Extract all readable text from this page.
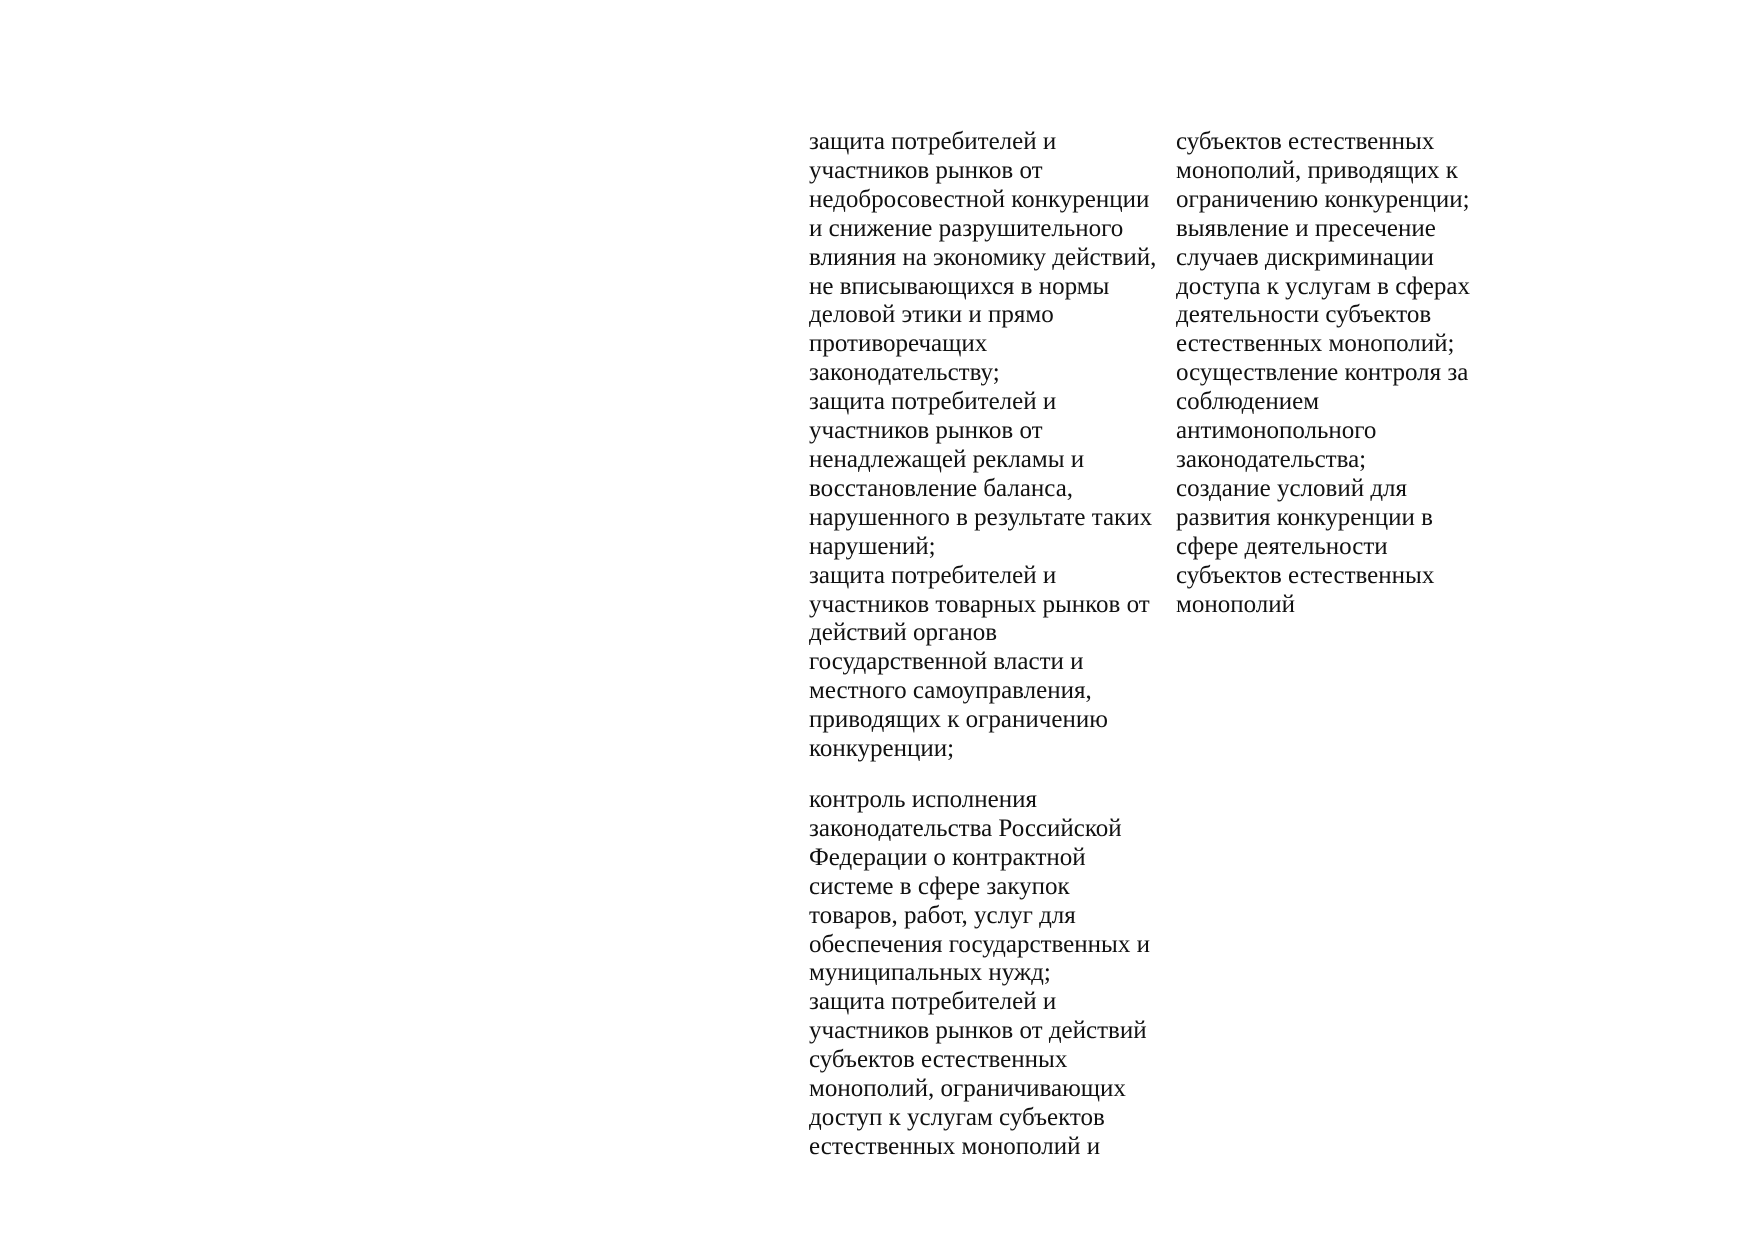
защита потребителей и
участников рынков от
недобросовестной конкуренции
и снижение разрушительного
влияния на экономику действий,
не вписывающихся в нормы
деловой этики и прямо
противоречащих
законодательству;
защита потребителей и
участников рынков от
ненадлежащей рекламы и
восстановление баланса,
нарушенного в результате таких
нарушений;
защита потребителей и
участников товарных рынков от
действий органов
государственной власти и
местного самоуправления,
приводящих к ограничению
конкуренции;
контроль исполнения
законодательства Российской
Федерации о контрактной
системе в сфере закупок
товаров, работ, услуг для
обеспечения государственных и
муниципальных нужд;
защита потребителей и
участников рынков от действий
субъектов естественных
монополий, ограничивающих
доступ к услугам субъектов
естественных монополий и
субъектов естественных
монополий, приводящих к
ограничению конкуренции;
выявление и пресечение
случаев дискриминации
доступа к услугам в сферах
деятельности субъектов
естественных монополий;
осуществление контроля за
соблюдением
антимонопольного
законодательства;
создание условий для
развития конкуренции в
сфере деятельности
субъектов естественных
монополий
